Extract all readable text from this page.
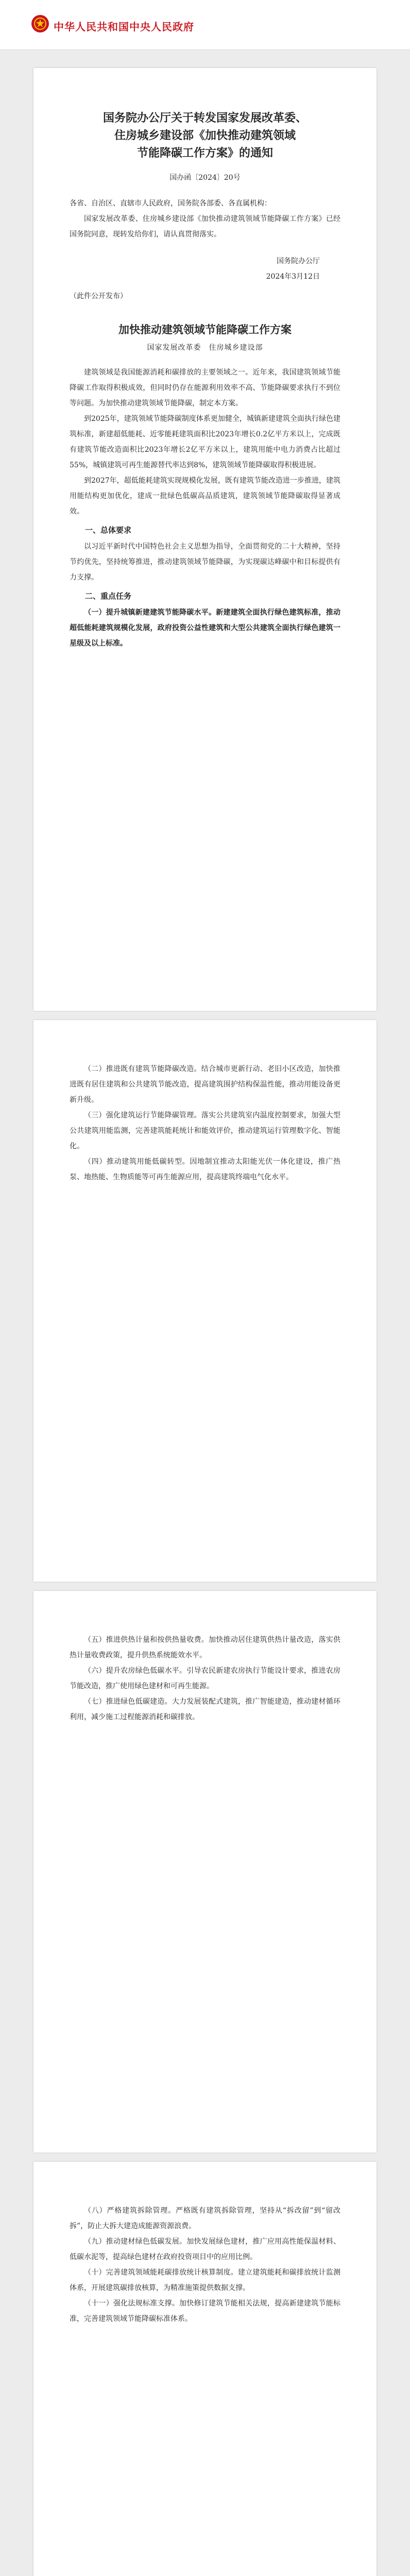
中华人民共和国中央人民政府
国务院办公厅关于转发国家发展改革委、
住房城乡建设部《加快推动建筑领域
节能降碳工作方案》的通知
国办函〔2024〕20号

各省、自治区、直辖市人民政府，国务院各部委、各直属机构：

国家发展改革委、住房城乡建设部《加快推动建筑领域节能降碳工作方案》已经国务院同意，现转发给你们，请认真贯彻落实。

国务院办公厅

2024年3月12日

（此件公开发布）

加快推动建筑领域节能降碳工作方案
国家发展改革委　住房城乡建设部

建筑领域是我国能源消耗和碳排放的主要领域之一。近年来，我国建筑领域节能降碳工作取得积极成效，但同时仍存在能源利用效率不高、节能降碳要求执行不到位等问题。为加快推动建筑领域节能降碳，制定本方案。

到2025年，建筑领域节能降碳制度体系更加健全，城镇新建建筑全面执行绿色建筑标准，新建超低能耗、近零能耗建筑面积比2023年增长0.2亿平方米以上，完成既有建筑节能改造面积比2023年增长2亿平方米以上，建筑用能中电力消费占比超过55%，城镇建筑可再生能源替代率达到8%，建筑领域节能降碳取得积极进展。

到2027年，超低能耗建筑实现规模化发展，既有建筑节能改造进一步推进，建筑用能结构更加优化，建成一批绿色低碳高品质建筑，建筑领域节能降碳取得显著成效。

一、总体要求

以习近平新时代中国特色社会主义思想为指导，全面贯彻党的二十大精神，坚持节约优先，坚持统筹推进，推动建筑领域节能降碳，为实现碳达峰碳中和目标提供有力支撑。

二、重点任务

（一）提升城镇新建建筑节能降碳水平。新建建筑全面执行绿色建筑标准，推动超低能耗建筑规模化发展，政府投资公益性建筑和大型公共建筑全面执行绿色建筑一星级及以上标准。

（二）推进既有建筑节能降碳改造。结合城市更新行动、老旧小区改造，加快推进既有居住建筑和公共建筑节能改造，提高建筑围护结构保温性能，推动用能设备更新升级。

（三）强化建筑运行节能降碳管理。落实公共建筑室内温度控制要求，加强大型公共建筑用能监测，完善建筑能耗统计和能效评价，推动建筑运行管理数字化、智能化。

（四）推动建筑用能低碳转型。因地制宜推动太阳能光伏一体化建设，推广热泵、地热能、生物质能等可再生能源应用，提高建筑终端电气化水平。

（五）推进供热计量和按供热量收费。加快推动居住建筑供热计量改造，落实供热计量收费政策，提升供热系统能效水平。

（六）提升农房绿色低碳水平。引导农民新建农房执行节能设计要求，推进农房节能改造，推广使用绿色建材和可再生能源。

（七）推进绿色低碳建造。大力发展装配式建筑，推广智能建造，推动建材循环利用，减少施工过程能源消耗和碳排放。

（八）严格建筑拆除管理。严格既有建筑拆除管理，坚持从“拆改留”到“留改拆”，防止大拆大建造成能源资源浪费。

（九）推动建材绿色低碳发展。加快发展绿色建材，推广应用高性能保温材料、低碳水泥等，提高绿色建材在政府投资项目中的应用比例。

（十）完善建筑领域能耗碳排放统计核算制度。建立建筑能耗和碳排放统计监测体系，开展建筑碳排放核算，为精准施策提供数据支撑。

（十一）强化法规标准支撑。加快修订建筑节能相关法规，提高新建建筑节能标准，完善建筑领域节能降碳标准体系。
